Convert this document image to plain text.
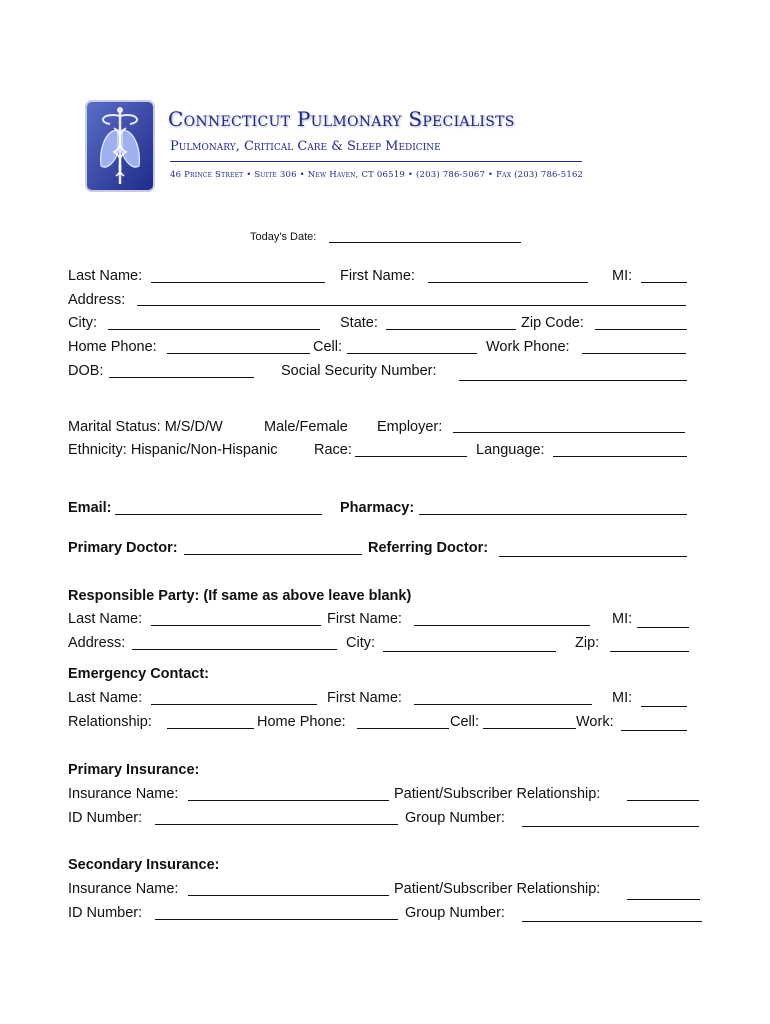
Connecticut Pulmonary Specialists
Pulmonary, Critical Care & Sleep Medicine
46 Prince Street • Suite 306 • New Haven, CT 06519 • (203) 786-5067 • Fax (203) 786-5162
Today's Date:
Last Name:	First Name:	MI:
Address:
City:	State:	Zip Code:
Home Phone:	Cell:	Work Phone:
DOB:	Social Security Number:
Marital Status: M/S/D/W	Male/Female Employer:
Ethnicity: Hispanic/Non-Hispanic	Race:	Language:
Email:	Pharmacy:
Primary Doctor:	Referring Doctor:
Responsible Party: (If same as above leave blank)
Last Name:	First Name:	MI:
Address:	City:	Zip:
Emergency Contact:
Last Name:	First Name:	MI:
Relationship:	Home Phone:	Cell:	Work:
Primary Insurance:
Insurance Name:	Patient/Subscriber Relationship:
ID Number:	Group Number:
Secondary Insurance:
Insurance Name:	Patient/Subscriber Relationship:
ID Number:	Group Number:
